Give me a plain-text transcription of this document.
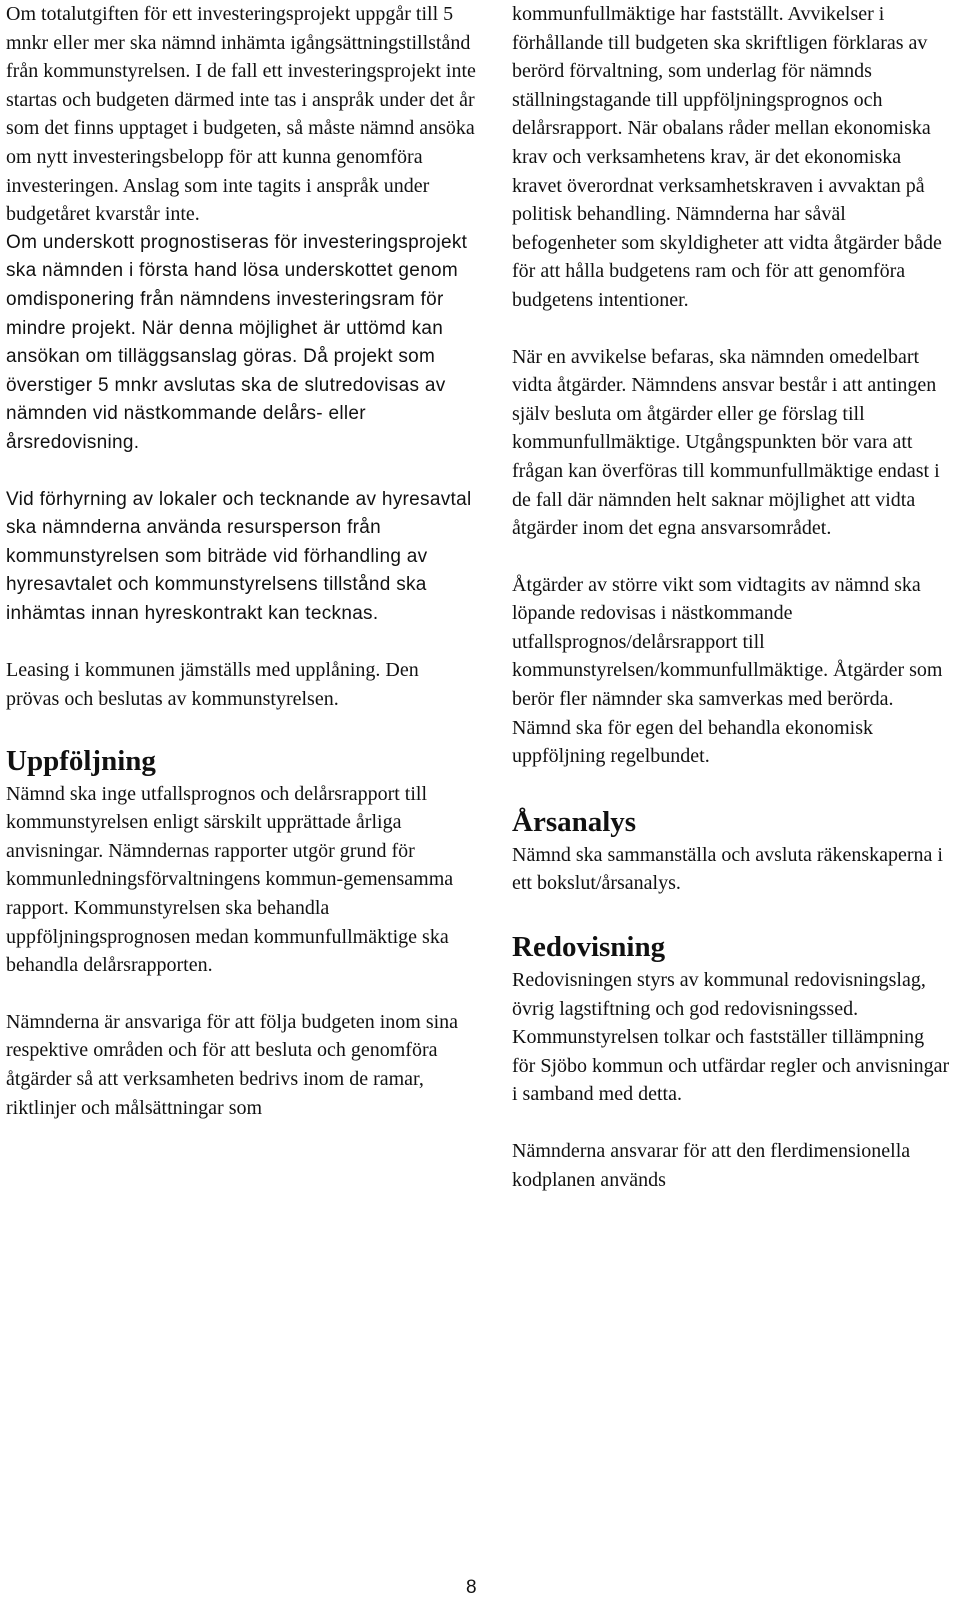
Om totalutgiften för ett investeringsprojekt uppgår till 5 mnkr eller mer ska nämnd inhämta igångsättningstillstånd från kommunstyrelsen. I de fall ett investeringsprojekt inte startas och budgeten därmed inte tas i anspråk under det år som det finns upptaget i budgeten, så måste nämnd ansöka om nytt investeringsbelopp för att kunna genomföra investeringen. Anslag som inte tagits i anspråk under budgetåret kvarstår inte.

Om underskott prognostiseras för investeringsprojekt ska nämnden i första hand lösa underskottet genom omdisponering från nämndens investeringsram för mindre projekt. När denna möjlighet är uttömd kan ansökan om tilläggsanslag göras. Då projekt som överstiger 5 mnkr avslutas ska de slutredovisas av nämnden vid nästkommande delårs- eller årsredovisning.

Vid förhyrning av lokaler och tecknande av hyresavtal ska nämnderna använda resursperson från kommunstyrelsen som biträde vid förhandling av hyresavtalet och kommunstyrelsens tillstånd ska inhämtas innan hyreskontrakt kan tecknas.

Leasing i kommunen jämställs med upplåning. Den prövas och beslutas av kommunstyrelsen.

Uppföljning

Nämnd ska inge utfallsprognos och delårsrapport till kommunstyrelsen enligt särskilt upprättade årliga anvisningar. Nämndernas rapporter utgör grund för kommunledningsförvaltningens kommun-gemensamma rapport. Kommunstyrelsen ska behandla uppföljningsprognosen medan kommunfullmäktige ska behandla delårsrapporten.

Nämnderna är ansvariga för att följa budgeten inom sina respektive områden och för att besluta och genomföra åtgärder så att verksamheten bedrivs inom de ramar, riktlinjer och målsättningar som

kommunfullmäktige har fastställt. Avvikelser i förhållande till budgeten ska skriftligen förklaras av berörd förvaltning, som underlag för nämnds ställningstagande till uppföljningsprognos och delårsrapport. När obalans råder mellan ekonomiska krav och verksamhetens krav, är det ekonomiska kravet överordnat verksamhetskraven i avvaktan på politisk behandling. Nämnderna har såväl befogenheter som skyldigheter att vidta åtgärder både för att hålla budgetens ram och för att genomföra budgetens intentioner.

När en avvikelse befaras, ska nämnden omedelbart vidta åtgärder. Nämndens ansvar består i att antingen själv besluta om åtgärder eller ge förslag till kommunfullmäktige. Utgångspunkten bör vara att frågan kan överföras till kommunfullmäktige endast i de fall där nämnden helt saknar möjlighet att vidta åtgärder inom det egna ansvarsområdet.

Åtgärder av större vikt som vidtagits av nämnd ska löpande redovisas i nästkommande utfallsprognos/delårsrapport till kommunstyrelsen/kommunfullmäktige. Åtgärder som berör fler nämnder ska samverkas med berörda. Nämnd ska för egen del behandla ekonomisk uppföljning regelbundet.

Årsanalys

Nämnd ska sammanställa och avsluta räkenskaperna i ett bokslut/årsanalys.

Redovisning

Redovisningen styrs av kommunal redovisningslag, övrig lagstiftning och god redovisningssed. Kommunstyrelsen tolkar och fastställer tillämpning för Sjöbo kommun och utfärdar regler och anvisningar i samband med detta.

Nämnderna ansvarar för att den flerdimensionella kodplanen används

8
